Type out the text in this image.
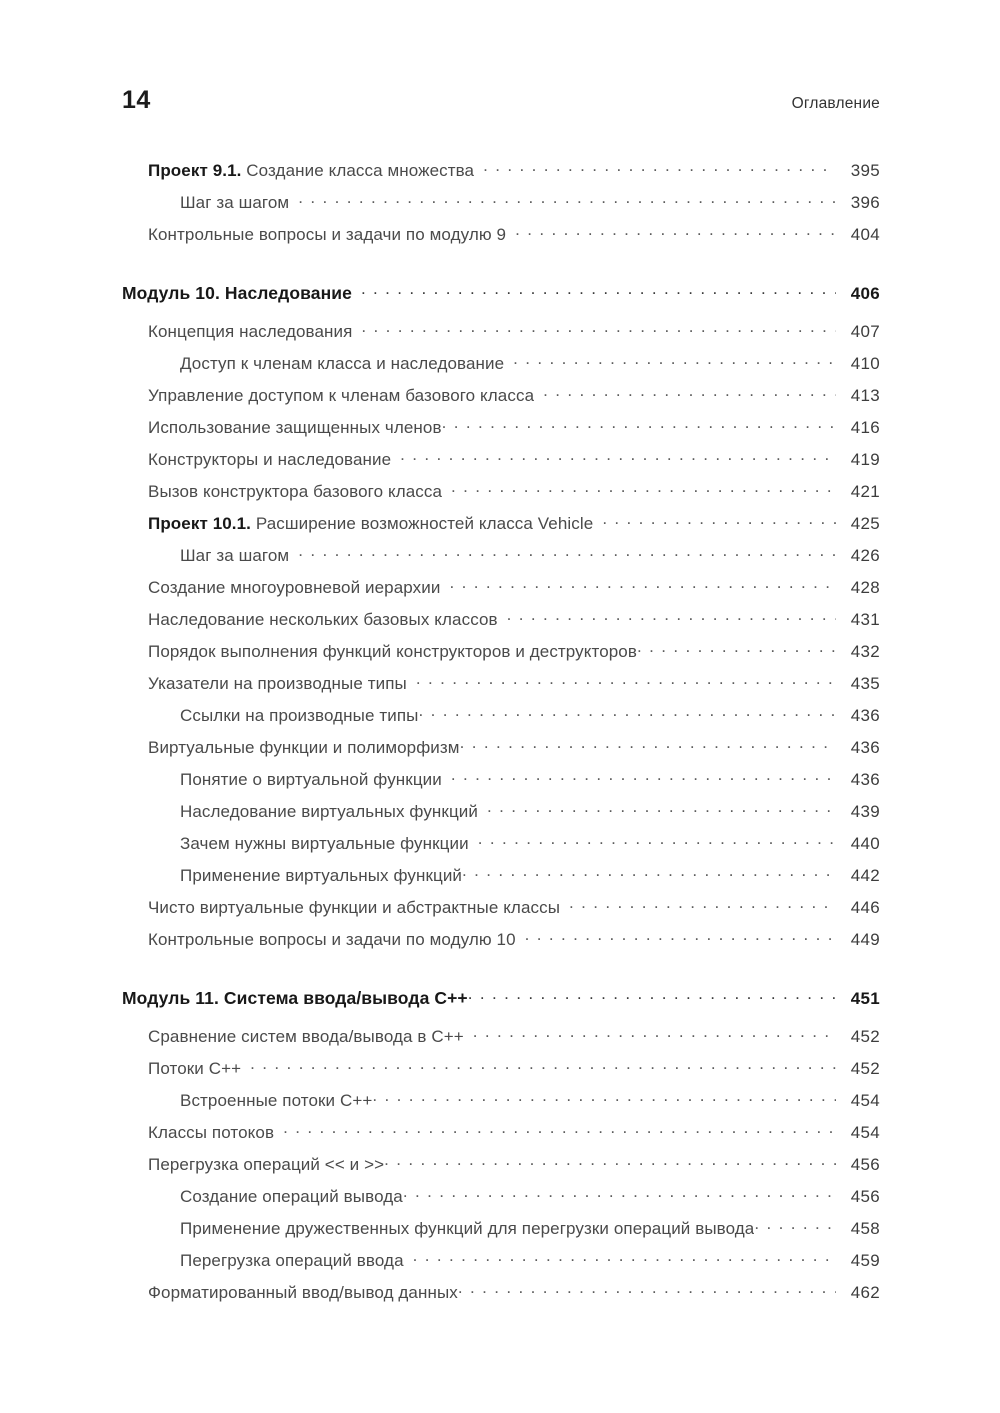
14	Оглавление
Проект 9.1. Создание класса множества .....	395
Шаг за шагом .....	396
Контрольные вопросы и задачи по модулю 9 .....	404
Модуль 10. Наследование .....	406
Концепция наследования .....	407
Доступ к членам класса и наследование .....	410
Управление доступом к членам базового класса .....	413
Использование защищенных членов .....	416
Конструкторы и наследование .....	419
Вызов конструктора базового класса .....	421
Проект 10.1. Расширение возможностей класса Vehicle .....	425
Шаг за шагом .....	426
Создание многоуровневой иерархии .....	428
Наследование нескольких базовых классов .....	431
Порядок выполнения функций конструкторов и деструкторов .....	432
Указатели на производные типы .....	435
Ссылки на производные типы .....	436
Виртуальные функции и полиморфизм .....	436
Понятие о виртуальной функции .....	436
Наследование виртуальных функций .....	439
Зачем нужны виртуальные функции .....	440
Применение виртуальных функций .....	442
Чисто виртуальные функции и абстрактные классы .....	446
Контрольные вопросы и задачи по модулю 10 .....	449
Модуль 11. Система ввода/вывода C++ .....	451
Сравнение систем ввода/вывода в C++ .....	452
Потоки C++ .....	452
Встроенные потоки C++ .....	454
Классы потоков .....	454
Перегрузка операций << и >> .....	456
Создание операций вывода .....	456
Применение дружественных функций для перегрузки операций вывода .....	458
Перегрузка операций ввода .....	459
Форматированный ввод/вывод данных .....	462
